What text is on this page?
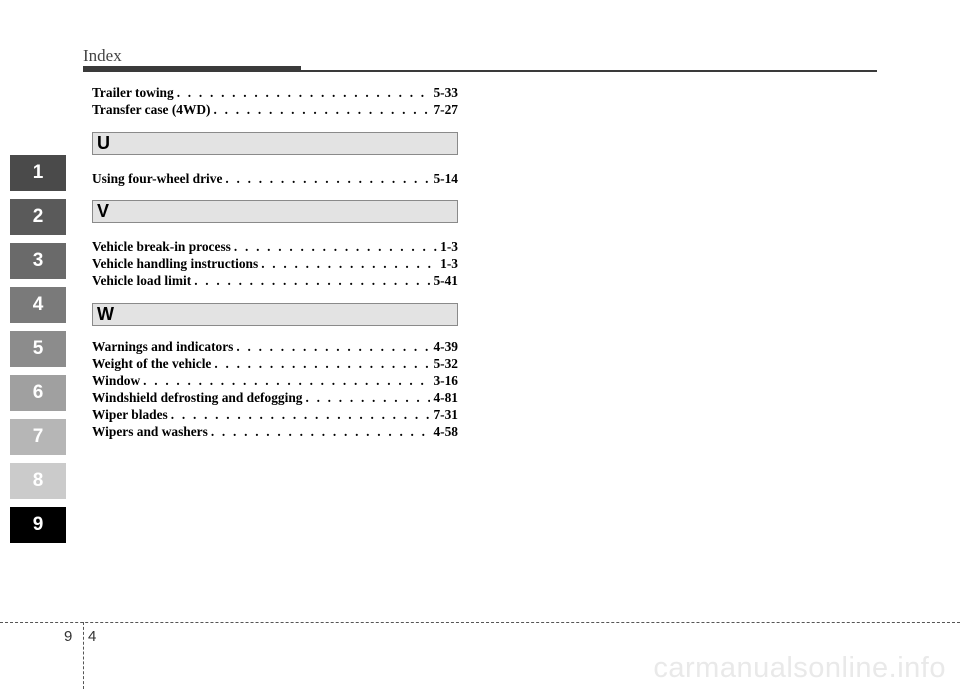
Index
1
2
3
4
5
6
7
8
9
Trailer towing . . .	5-33
Transfer case (4WD) . . .	7-27
U
Using four-wheel drive . . .	5-14
V
Vehicle break-in process . . .	1-3
Vehicle handling instructions . . .	1-3
Vehicle load limit . . .	5-41
W
Warnings and indicators . . .	4-39
Weight of the vehicle . . .	5-32
Window . . .	3-16
Windshield defrosting and defogging . . .	4-81
Wiper blades . . .	7-31
Wipers and washers . . .	4-58
9 4
carmanualsonline.info
